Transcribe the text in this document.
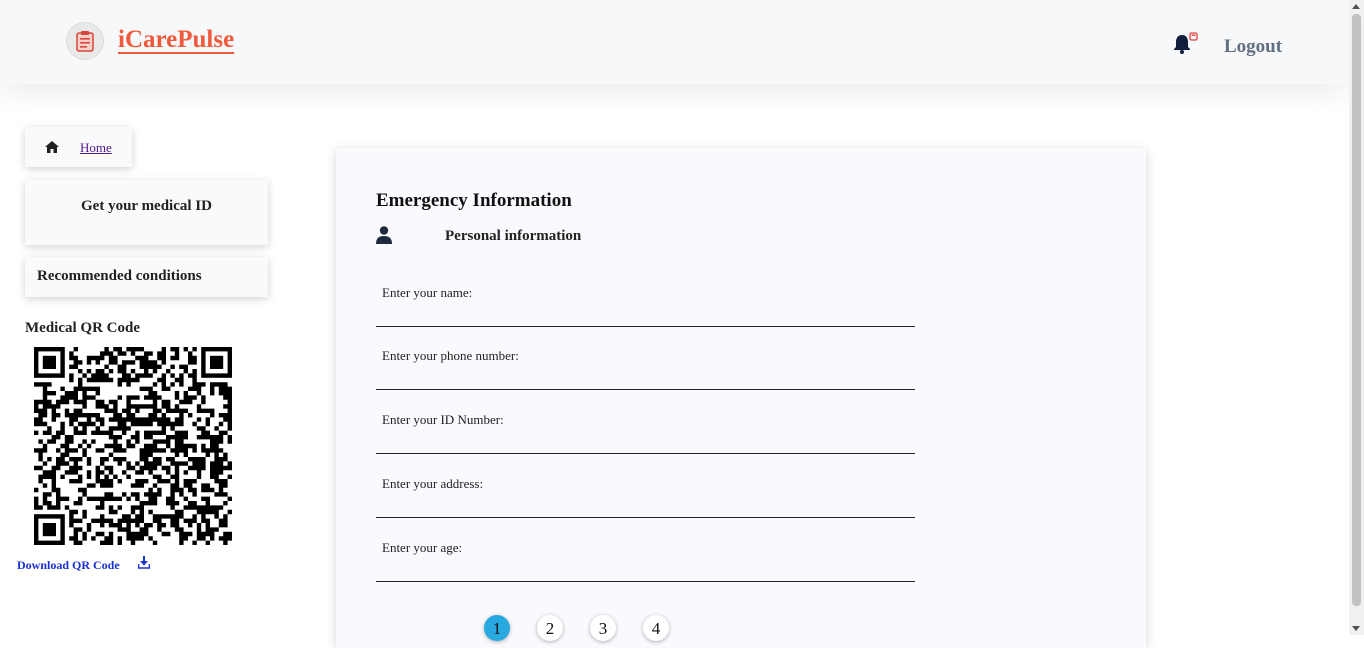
iCarePulse	Logout
Home
Get your medical ID
Recommended conditions
Medical QR Code
Download QR Code
Emergency Information
Personal information
Enter your name:
Enter your phone number:
Enter your ID Number:
Enter your address:
Enter your age:
1	2	3	4
